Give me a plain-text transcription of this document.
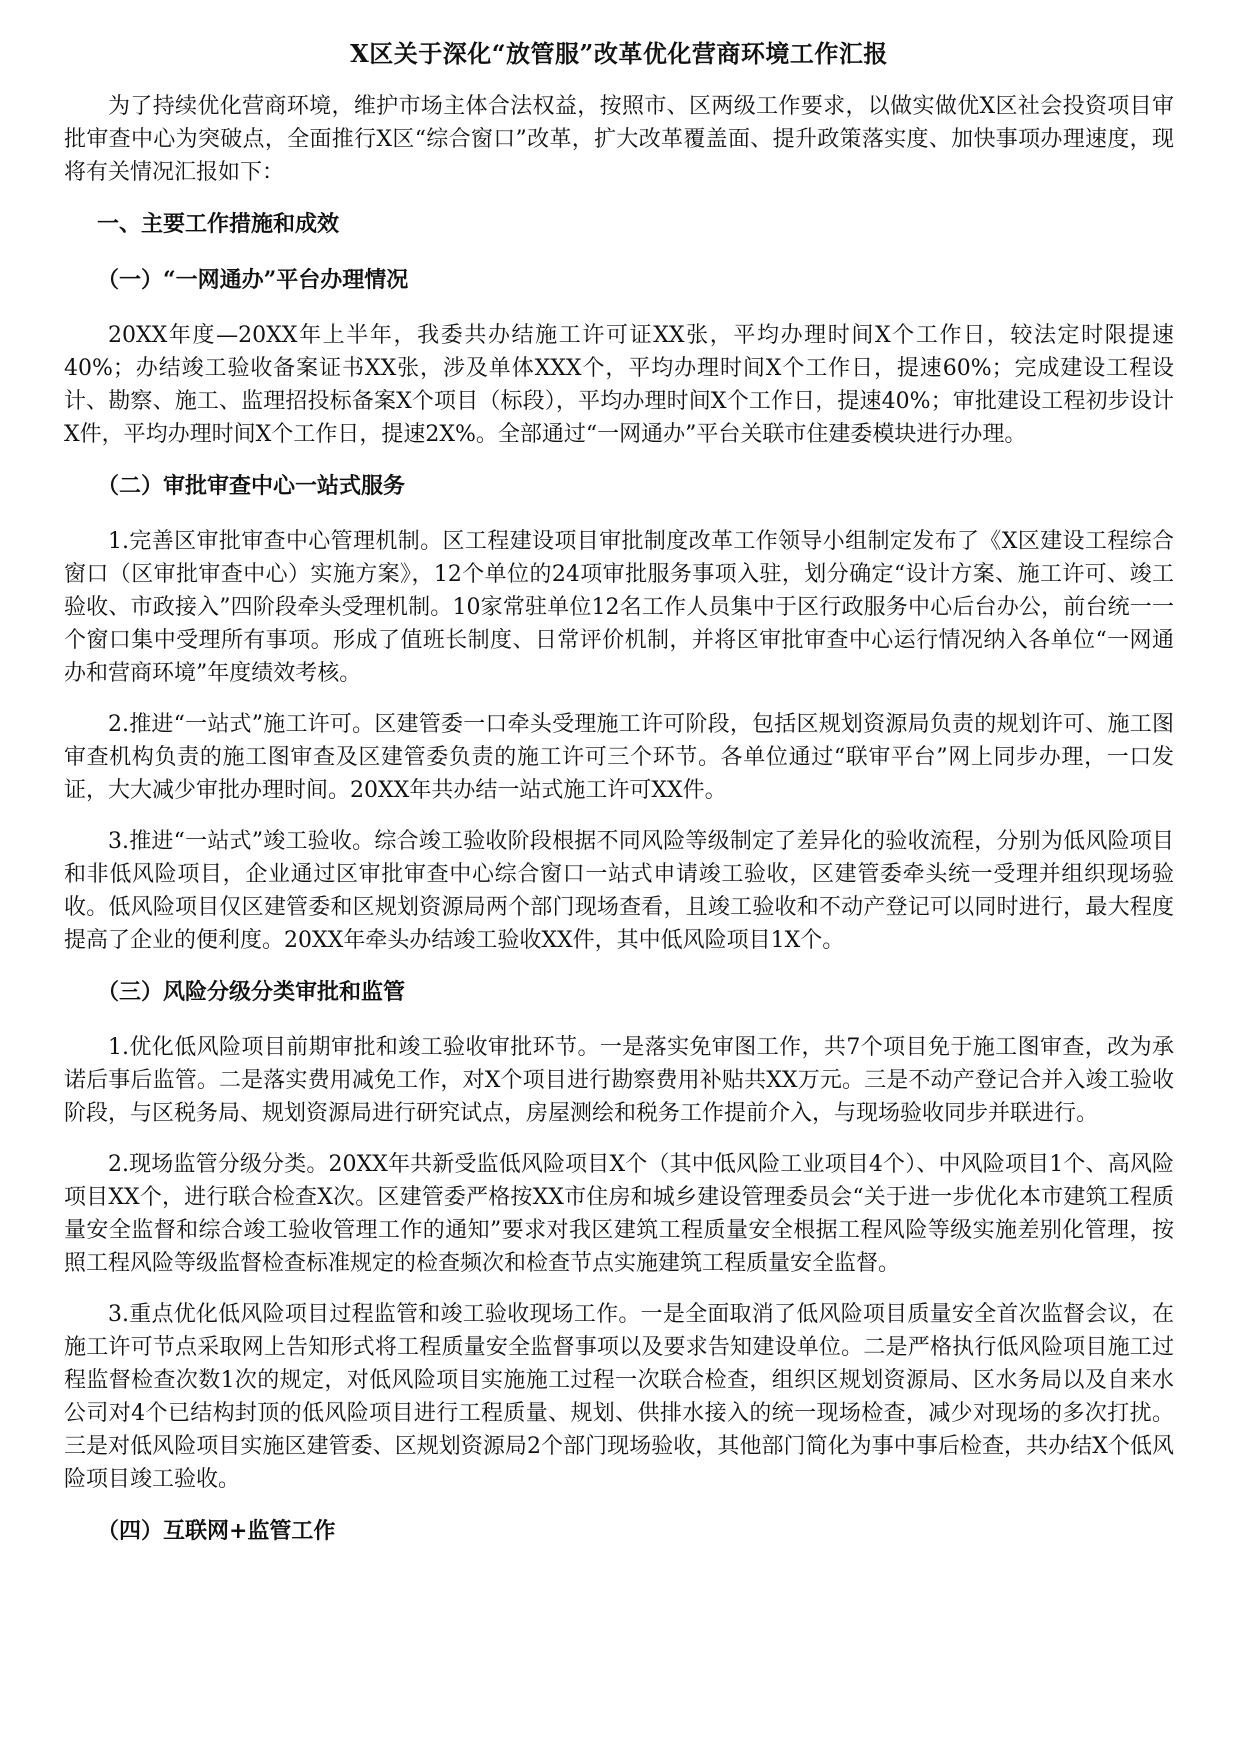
X区关于深化“放管服”改革优化营商环境工作汇报

为了持续优化营商环境，维护市场主体合法权益，按照市、区两级工作要求，以做实做优X区社会投资项目审批审查中心为突破点，全面推行X区“综合窗口”改革，扩大改革覆盖面、提升政策落实度、加快事项办理速度，现将有关情况汇报如下：

一、主要工作措施和成效
（一）“一网通办”平台办理情况

20XX年度—20XX年上半年，我委共办结施工许可证XX张，平均办理时间X个工作日，较法定时限提速40%；办结竣工验收备案证书XX张，涉及单体XXX个，平均办理时间X个工作日，提速60%；完成建设工程设计、勘察、施工、监理招投标备案X个项目（标段），平均办理时间X个工作日，提速40%；审批建设工程初步设计X件，平均办理时间X个工作日，提速2X%。全部通过“一网通办”平台关联市住建委模块进行办理。

（二）审批审查中心一站式服务

1.完善区审批审查中心管理机制。区工程建设项目审批制度改革工作领导小组制定发布了《X区建设工程综合窗口（区审批审查中心）实施方案》，12个单位的24项审批服务事项入驻，划分确定“设计方案、施工许可、竣工验收、市政接入”四阶段牵头受理机制。10家常驻单位12名工作人员集中于区行政服务中心后台办公，前台统一一个窗口集中受理所有事项。形成了值班长制度、日常评价机制，并将区审批审查中心运行情况纳入各单位“一网通办和营商环境”年度绩效考核。

2.推进“一站式”施工许可。区建管委一口牵头受理施工许可阶段，包括区规划资源局负责的规划许可、施工图审查机构负责的施工图审查及区建管委负责的施工许可三个环节。各单位通过“联审平台”网上同步办理，一口发证，大大减少审批办理时间。20XX年共办结一站式施工许可XX件。

3.推进“一站式”竣工验收。综合竣工验收阶段根据不同风险等级制定了差异化的验收流程，分别为低风险项目和非低风险项目，企业通过区审批审查中心综合窗口一站式申请竣工验收，区建管委牵头统一受理并组织现场验收。低风险项目仅区建管委和区规划资源局两个部门现场查看，且竣工验收和不动产登记可以同时进行，最大程度提高了企业的便利度。20XX年牵头办结竣工验收XX件，其中低风险项目1X个。

（三）风险分级分类审批和监管

1.优化低风险项目前期审批和竣工验收审批环节。一是落实免审图工作，共7个项目免于施工图审查，改为承诺后事后监管。二是落实费用减免工作，对X个项目进行勘察费用补贴共XX万元。三是不动产登记合并入竣工验收阶段，与区税务局、规划资源局进行研究试点，房屋测绘和税务工作提前介入，与现场验收同步并联进行。

2.现场监管分级分类。20XX年共新受监低风险项目X个（其中低风险工业项目4个）、中风险项目1个、高风险项目XX个，进行联合检查X次。区建管委严格按XX市住房和城乡建设管理委员会“关于进一步优化本市建筑工程质量安全监督和综合竣工验收管理工作的通知”要求对我区建筑工程质量安全根据工程风险等级实施差别化管理，按照工程风险等级监督检查标准规定的检查频次和检查节点实施建筑工程质量安全监督。

3.重点优化低风险项目过程监管和竣工验收现场工作。一是全面取消了低风险项目质量安全首次监督会议，在施工许可节点采取网上告知形式将工程质量安全监督事项以及要求告知建设单位。二是严格执行低风险项目施工过程监督检查次数1次的规定，对低风险项目实施施工过程一次联合检查，组织区规划资源局、区水务局以及自来水公司对4个已结构封顶的低风险项目进行工程质量、规划、供排水接入的统一现场检查，减少对现场的多次打扰。三是对低风险项目实施区建管委、区规划资源局2个部门现场验收，其他部门简化为事中事后检查，共办结X个低风险项目竣工验收。

（四）互联网+监管工作
